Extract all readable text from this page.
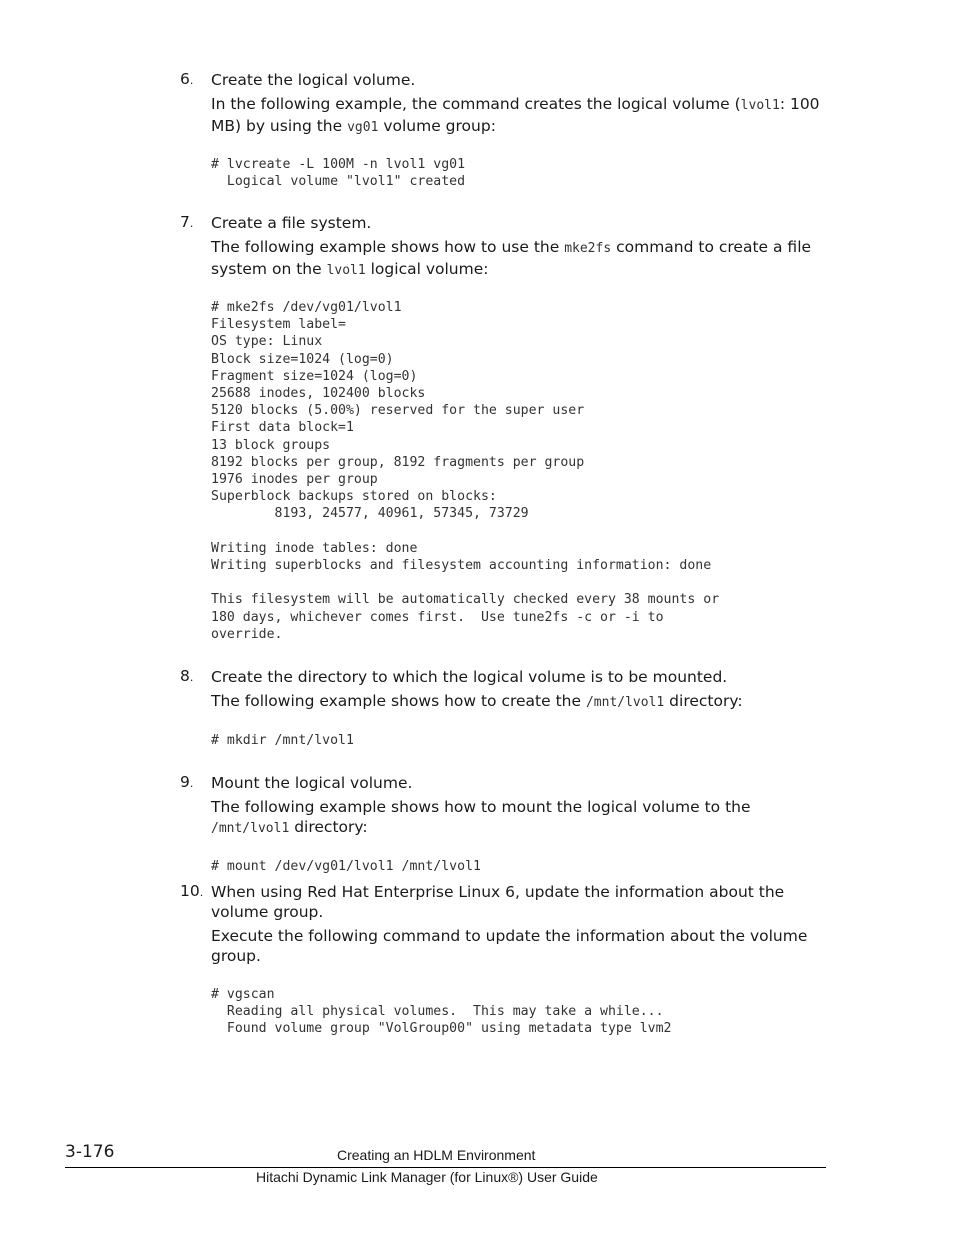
6. Create the logical volume.

In the following example, the command creates the logical volume (lvol1: 100 MB) by using the vg01 volume group:

# lvcreate -L 100M -n lvol1 vg01
Logical volume "lvol1" created
7. Create a file system.

The following example shows how to use the mke2fs command to create a file system on the lvol1 logical volume:

# mke2fs /dev/vg01/lvol1
Filesystem label=
OS type: Linux
Block size=1024 (log=0)
Fragment size=1024 (log=0)
25688 inodes, 102400 blocks
5120 blocks (5.00%) reserved for the super user
First data block=1
13 block groups
8192 blocks per group, 8192 fragments per group
1976 inodes per group
Superblock backups stored on blocks:
8193, 24577, 40961, 57345, 73729

Writing inode tables: done
Writing superblocks and filesystem accounting information: done

This filesystem will be automatically checked every 38 mounts or
180 days, whichever comes first.  Use tune2fs -c or -i to
override.
8. Create the directory to which the logical volume is to be mounted.

The following example shows how to create the /mnt/lvol1 directory:

# mkdir /mnt/lvol1
9. Mount the logical volume.

The following example shows how to mount the logical volume to the /mnt/lvol1 directory:

# mount /dev/vg01/lvol1 /mnt/lvol1
10. When using Red Hat Enterprise Linux 6, update the information about the volume group.

Execute the following command to update the information about the volume group.

# vgscan
Reading all physical volumes.  This may take a while...
Found volume group "VolGroup00" using metadata type lvm2
3-176	Creating an HDLM Environment
Hitachi Dynamic Link Manager (for Linux®) User Guide
